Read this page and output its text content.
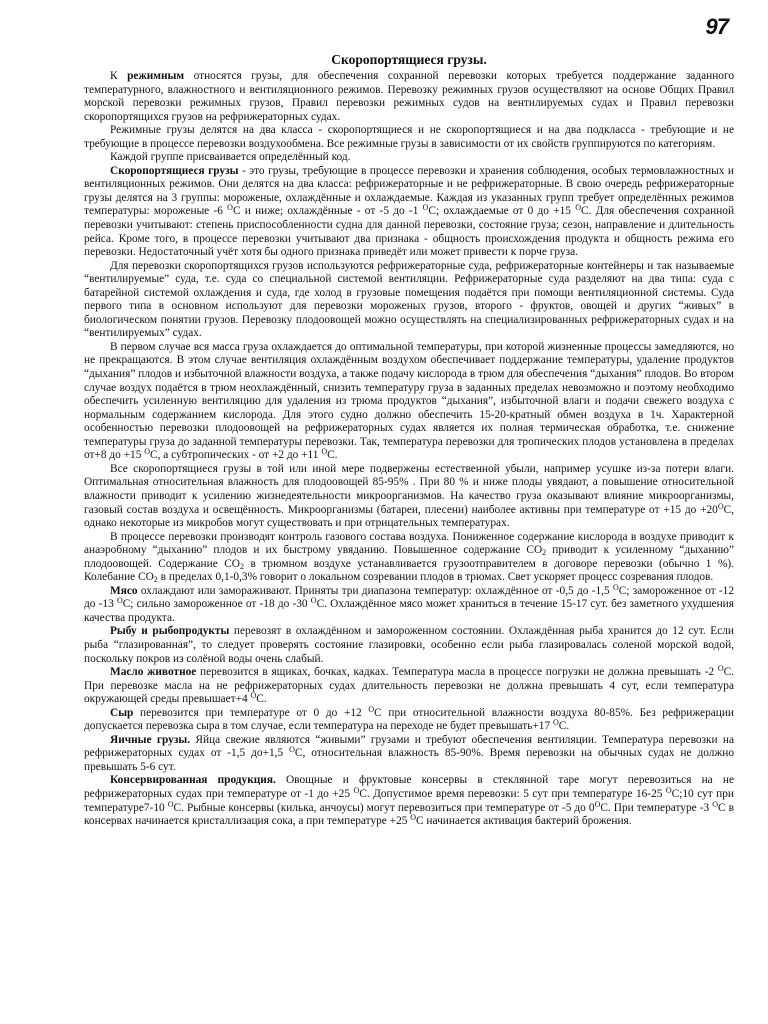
97
Скоропортящиеся грузы.

К режимным относятся грузы, для обеспечения сохранной перевозки которых требуется поддержание заданного температурного, влажностного и вентиляционного режимов. Перевозку режимных грузов осуществляют на основе Общих Правил морской перевозки режимных грузов, Правил перевозки режимных судов на вентилируемых судах и Правил перевозки скоропортящихся грузов на рефрижераторных судах.

Режимные грузы делятся на два класса - скоропортящиеся и не скоропортящиеся и на два подкласса - требующие и не требующие в процессе перевозки воздухообмена. Все режимные грузы в зависимости от их свойств группируются по категориям.

Каждой группе присваивается определённый код.

Скоропортящиеся грузы - это грузы, требующие в процессе перевозки и хранения соблюдения, особых термовлажностных и вентиляционных режимов. Они делятся на два класса: рефрижераторные и не рефрижераторные. В свою очередь рефрижераторные грузы делятся на 3 группы: мороженые, охлаждённые и охлаждаемые. Каждая из указанных групп требует определённых режимов температуры: мороженые -6 $^O$C и ниже; охлаждённые - от -5 до -1 $^O$C; охлаждаемые от 0 до +15 $^O$C. Для обеспечения сохранной перевозки учитывают: степень приспособленности судна для данной перевозки, состояние груза; сезон, направление и длительность рейса. Кроме того, в процессе перевозки учитывают два признака - общность происхождения продукта и общность режима его перевозки. Недостаточный учёт хотя бы одного признака приведёт или может привести к порче груза.

Для перевозки скоропортящихся грузов используются рефрижераторные суда, рефрижераторные контейнеры и так называемые “вентилируемые” суда, т.е. суда со специальной системой вентиляции. Рефрижераторные суда разделяют на два типа: суда с батарейной системой охлаждения и суда, где холод в грузовые помещения подаётся при помощи вентиляционной системы. Суда первого типа в основном используют для перевозки мороженых грузов, второго - фруктов, овощей и других “живых” в биологическом понятии грузов. Перевозку плодоовощей можно осуществлять на специализированных рефрижераторных судах и на “вентилируемых” судах.

В первом случае вся масса груза охлаждается до оптимальной температуры, при которой жизненные процессы замедляются, но не прекращаются. В этом случае вентиляция охлаждённым воздухом обеспечивает поддержание температуры, удаление продуктов “дыхания” плодов и избыточной влажности воздуха, а также подачу кислорода в трюм для обеспечения “дыхания” плодов. Во втором случае воздух подаётся в трюм неохлаждённый, снизить температуру груза в заданных пределах невозможно и поэтому необходимо обеспечить усиленную вентиляцию для удаления из трюма продуктов “дыхания”, избыточной влаги и подачи свежего воздуха с нормальным содержанием кислорода. Для этого судно должно обеспечить 15-20-кратный обмен воздуха в 1ч. Характерной особенностью перевозки плодоовощей на рефрижераторных судах является их полная термическая обработка, т.е. снижение температуры груза до заданной температуры перевозки. Так, температура перевозки для тропических плодов установлена в пределах от+8 до +15 $^O$C, а субтропических - от +2 до +11 $^O$C.

Все скоропортящиеся грузы в той или иной мере подвержены естественной убыли, например усушке из-за потери влаги. Оптимальная относительная влажность для плодоовощей 85-95% . При 80 % и ниже плоды увядают, а повышение относительной влажности приводит к усилению жизнедеятельности микроорганизмов. На качество груза оказывают влияние микроорганизмы, газовый состав воздуха и освещённость. Микроорганизмы (батареи, плесени) наиболее активны при температуре от +15 до $+20^OC$, однако некоторые из микробов могут существовать и при отрицательных температурах.

В процессе перевозки производят контроль газового состава воздуха. Пониженное содержание кислорода в воздухе приводит к анаэробному “дыханию” плодов и их быстрому увяданию. Повышенное содержание $CO_2$ приводит к усиленному “дыханию” плодоовощей. Содержание $CO_2$ в трюмном воздухе устанавливается грузоотправителем в договоре перевозки (обычно 1 %). Колебание $CO_2$ в пределах 0,1-0,3% говорит о локальном созревании плодов в трюмах. Свет ускоряет процесс созревания плодов.

Мясо охлаждают или замораживают. Приняты три диапазона температур: охлаждённое от -0,5 до -1,5 $^O$C; замороженное от -12 до -13 $^O$C; сильно замороженное от -18 до -30 $^O$C. Охлаждённое мясо может храниться в течение 15-17 сут. без заметного ухудшения качества продукта.

Рыбу и рыбопродукты перевозят в охлаждённом и замороженном состоянии. Охлаждённая рыба хранится до 12 сут. Если рыба “глазированная”, то следует проверять состояние глазировки, особенно если рыба глазировалась соленой морской водой, поскольку покров из солёной воды очень слабый.

Масло животное перевозится в ящиках, бочках, кадках. Температура масла в процессе погрузки не должна превышать -2 $^O$C. При перевозке масла на не рефрижераторных судах длительность перевозки не должна превышать 4 сут, если температура окружающей среды превышает+4 $^O$C.

Сыр перевозится при температуре от 0 до +12 $^O$C при относительной влажности воздуха 80-85%. Без рефрижерации допускается перевозка сыра в том случае, если температура на переходе не будет превышать+17 $^O$C.

Яичные грузы. Яйца свежие являются “живыми” грузами и требуют обеспечения вентиляции. Температура перевозки на рефрижераторных судах от -1,5 до+1,5 $^O$C, относительная влажность 85-90%. Время перевозки на обычных судах не должно превышать 5-6 сут.

Консервированная продукция. Овощные и фруктовые консервы в стеклянной таре могут перевозиться на не рефрижераторных судах при температуре от -1 до +25 $^O$C. Допустимое время перевозки: 5 сут при температуре 16-25 $^O$C;10 сут при температуре7-10 $^O$C. Рыбные консервы (килька, анчоусы) могут перевозиться при температуре от -5 до $0^OC$. При температуре -3 $^O$C в консервах начинается кристаллизация сока, а при температуре +25 $^O$C начинается активация бактерий брожения.
